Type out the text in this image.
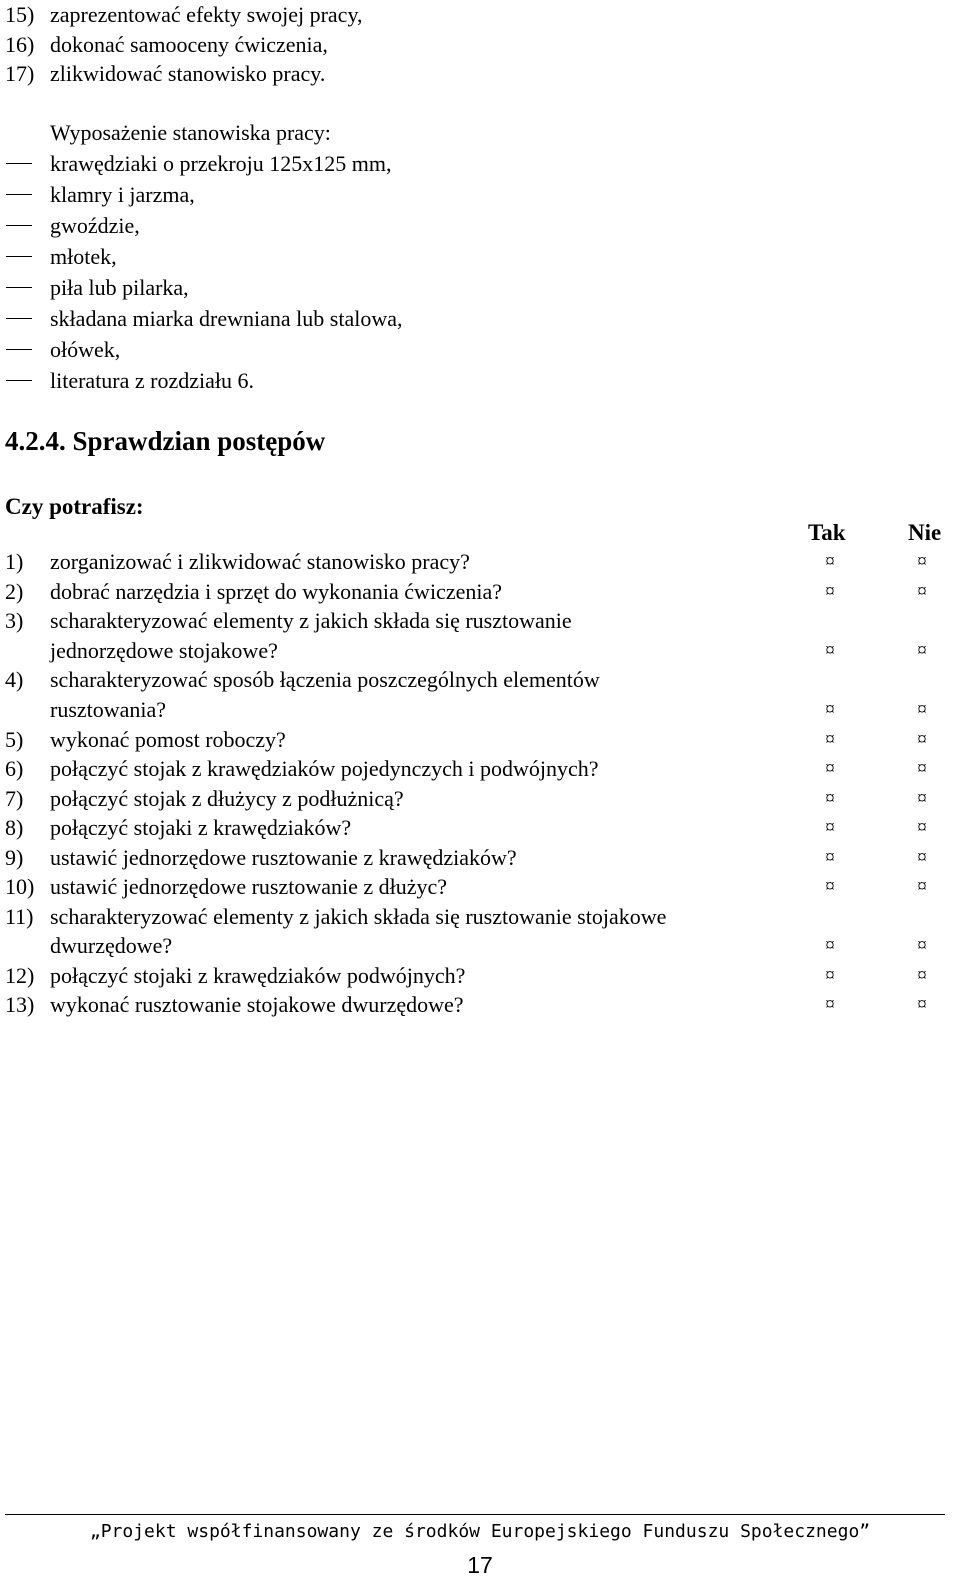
15) zaprezentować efekty swojej pracy,
16) dokonać samooceny ćwiczenia,
17) zlikwidować stanowisko pracy.
Wyposażenie stanowiska pracy:
krawędziaki o przekroju 125x125 mm,
klamry i jarzma,
gwoździe,
młotek,
piła lub pilarka,
składana miarka drewniana lub stalowa,
ołówek,
literatura z rozdziału 6.
4.2.4. Sprawdzian postępów
Czy potrafisz:
Tak	Nie
1) zorganizować i zlikwidować stanowisko pracy?	¤	¤
2) dobrać narzędzia i sprzęt do wykonania ćwiczenia?	¤	¤
3) scharakteryzować elementy z jakich składa się rusztowanie
jednorzędowe stojakowe?	¤	¤
4) scharakteryzować sposób łączenia poszczególnych elementów
rusztowania?	¤	¤
5) wykonać pomost roboczy?	¤	¤
6) połączyć stojak z krawędziaków pojedynczych i podwójnych?	¤	¤
7) połączyć stojak z dłużycy z podłużnicą?	¤	¤
8) połączyć stojaki z krawędziaków?	¤	¤
9) ustawić jednorzędowe rusztowanie z krawędziaków?	¤	¤
10) ustawić jednorzędowe rusztowanie z dłużyc?	¤	¤
11) scharakteryzować elementy z jakich składa się rusztowanie stojakowe
dwurzędowe?	¤	¤
12) połączyć stojaki z krawędziaków podwójnych?	¤	¤
13) wykonać rusztowanie stojakowe dwurzędowe?	¤	¤
„Projekt współfinansowany ze środków Europejskiego Funduszu Społecznego”
17
